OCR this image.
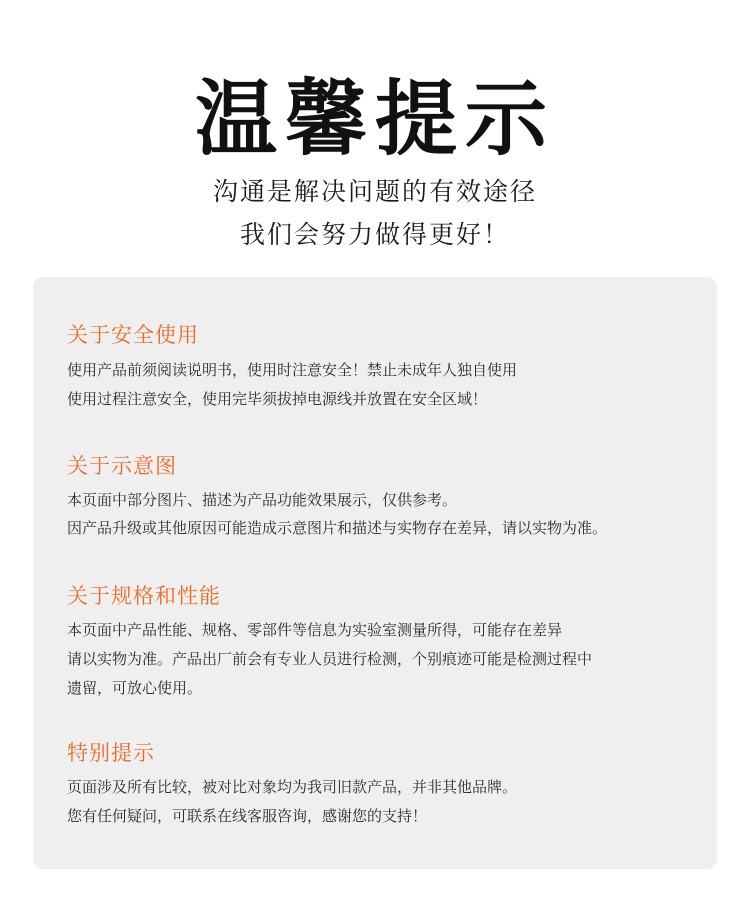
温馨提示
沟通是解决问题的有效途径
我们会努力做得更好！
关于安全使用
使用产品前须阅读说明书，使用时注意安全！禁止未成年人独自使用
使用过程注意安全，使用完毕须拔掉电源线并放置在安全区域！
关于示意图
本页面中部分图片、描述为产品功能效果展示，仅供参考。
因产品升级或其他原因可能造成示意图片和描述与实物存在差异，请以实物为准。
关于规格和性能
本页面中产品性能、规格、零部件等信息为实验室测量所得，可能存在差异
请以实物为准。产品出厂前会有专业人员进行检测，个别痕迹可能是检测过程中
遗留，可放心使用。
特别提示
页面涉及所有比较，被对比对象均为我司旧款产品，并非其他品牌。
您有任何疑问，可联系在线客服咨询，感谢您的支持！
